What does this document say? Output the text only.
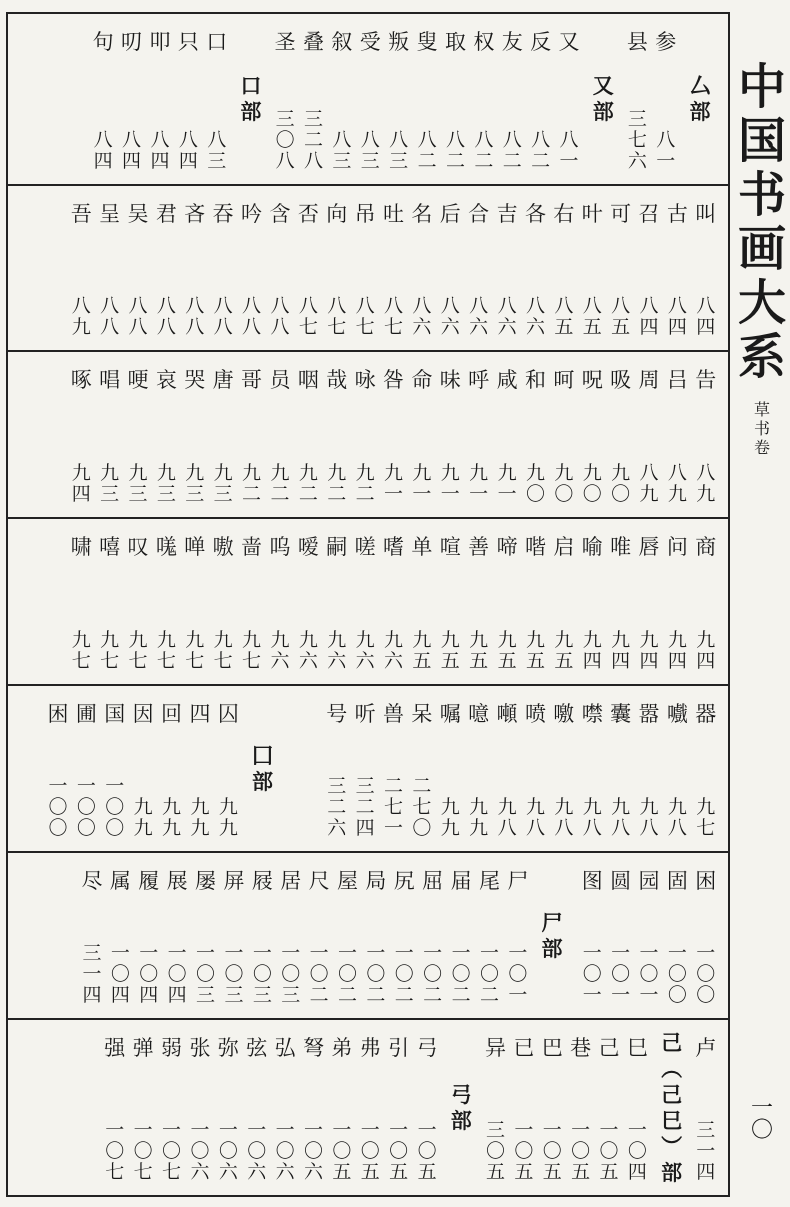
厶
部
参
八
一
县
三
七
六
又
部
又
八
一
反
八
二
友
八
二
权
八
二
取
八
二
叟
八
二
叛
八
三
受
八
三
叙
八
三
叠
三
二
八
圣
三
〇
八
口
部
口
八
三
只
八
四
叩
八
四
叨
八
四
句
八
四
叫
八
四
古
八
四
召
八
四
可
八
五
叶
八
五
右
八
五
各
八
六
吉
八
六
合
八
六
后
八
六
名
八
六
吐
八
七
吊
八
七
向
八
七
否
八
七
含
八
八
吟
八
八
吞
八
八
吝
八
八
君
八
八
吴
八
八
呈
八
八
吾
八
九
告
八
九
吕
八
九
周
八
九
吸
九
〇
呪
九
〇
呵
九
〇
和
九
〇
咸
九
一
呼
九
一
味
九
一
命
九
一
咎
九
一
咏
九
二
哉
九
二
咽
九
二
员
九
二
哥
九
二
唐
九
三
哭
九
三
哀
九
三
哽
九
三
唱
九
三
啄
九
四
商
九
四
问
九
四
唇
九
四
唯
九
四
喻
九
四
启
九
五
喈
九
五
啼
九
五
善
九
五
喧
九
五
单
九
五
嗜
九
六
嗟
九
六
嗣
九
六
嗳
九
六
呜
九
六
啬
九
七
嗷
九
七
啴
九
七
嗴
九
七
叹
九
七
嘻
九
七
啸
九
七
器
九
七
嚱
九
八
嚣
九
八
囊
九
八
噤
九
八
噭
九
八
喷
九
八
噸
九
八
噫
九
九
嘱
九
九
呆
二
七
〇
兽
二
七
一
听
三
二
四
号
三
二
六
囗
部
囚
九
九
四
九
九
回
九
九
因
九
九
国
一
〇
〇
圃
一
〇
〇
困
一
〇
〇
困
一
〇
〇
固
一
〇
〇
园
一
〇
一
圆
一
〇
一
图
一
〇
一
尸
部
尸
一
〇
一
尾
一
〇
二
届
一
〇
二
屈
一
〇
二
尻
一
〇
二
局
一
〇
二
屋
一
〇
二
尺
一
〇
二
居
一
〇
三
屐
一
〇
三
屏
一
〇
三
屡
一
〇
三
展
一
〇
四
履
一
〇
四
属
一
〇
四
尽
三
一
四
卢
三
一
四
己
︵
己
巳
︶
部
巳
一
〇
四
己
一
〇
五
巷
一
〇
五
巴
一
〇
五
已
一
〇
五
异
三
〇
五
弓
部
弓
一
〇
五
引
一
〇
五
弗
一
〇
五
弟
一
〇
五
弩
一
〇
六
弘
一
〇
六
弦
一
〇
六
弥
一
〇
六
张
一
〇
六
弱
一
〇
七
弹
一
〇
七
强
一
〇
七
中
国
书
画
大
系
草
书
卷
一
〇
